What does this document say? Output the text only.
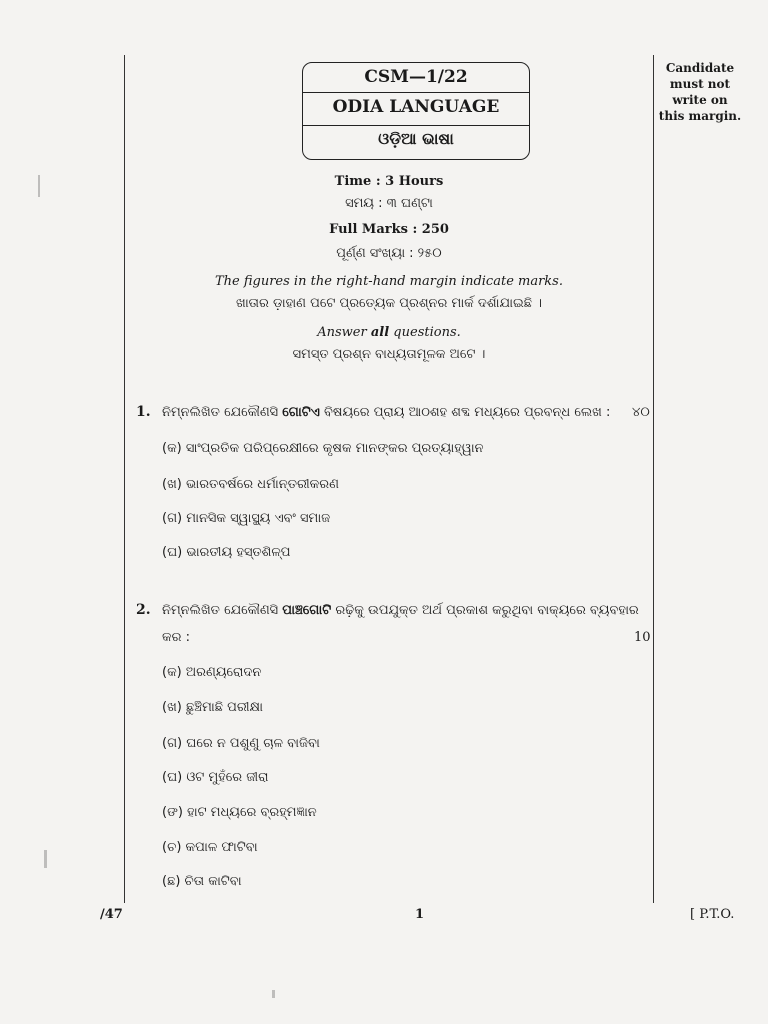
Candidate
must not
write on
this margin.
CSM—1/22
ODIA LANGUAGE
ଓଡ଼ିଆ ଭାଷା
Time : 3 Hours
ସମୟ : ୩ ଘଣ୍ଟା
Full Marks : 250
ପୂର୍ଣ୍ଣ ସଂଖ୍ୟା : ୨୫୦
The figures in the right-hand margin indicate marks.
ଖାତାର ଡ଼ାହାଣ ପଟେ ପ୍ରତ୍ୟେକ ପ୍ରଶ୍ନର ମାର୍କ ଦର୍ଶାଯାଇଛି ।
Answer all questions.
ସମସ୍ତ ପ୍ରଶ୍ନ ବାଧ୍ୟତାମୂଳକ ଅଟେ ।
1. ନିମ୍ନଲିଖିତ ଯେକୌଣସି ଗୋଟିଏ ବିଷୟରେ ପ୍ରାୟ ଆଠଶହ ଶବ୍ଦ ମଧ୍ୟରେ ପ୍ରବନ୍ଧ ଲେଖ : ୪୦
(କ) ସାଂପ୍ରତିକ ପରିପ୍ରେକ୍ଷୀରେ କୃଷକ ମାନଙ୍କର ପ୍ରତ୍ୟାହ୍ୱାନ
(ଖ) ଭାରତବର୍ଷରେ ଧର୍ମାନ୍ତରୀକରଣ
(ଗ) ମାନସିକ ସ୍ୱାସ୍ଥ୍ୟ ଏବଂ ସମାଜ
(ଘ) ଭାରତୀୟ ହସ୍ତଶିଳ୍ପ
2. ନିମ୍ନଲିଖିତ ଯେକୌଣସି ପାଞ୍ଚଗୋଟି ରଢ଼ିକୁ ଉପଯୁକ୍ତ ଅର୍ଥ ପ୍ରକାଶ କରୁଥିବା ବାକ୍ୟରେ ବ୍ୟବହାର
କର :	10
(କ) ଅରଣ୍ୟରୋଦନ
(ଖ) ଛୁଞ୍ଚିମାଛି ପରୀକ୍ଷା
(ଗ) ଘରେ ନ ପଶୁଣୁ ଚାଳ ବାଜିବା
(ଘ) ଓଟ ମୁହଁରେ ଜୀରା
(ଙ) ହାଟ ମଧ୍ୟରେ ବ୍ରହ୍ମଜ୍ଞାନ
(ଚ) କପାଳ ଫାଟିବା
(ଛ) ଚିତା କାଟିବା
/47	1	[ P.T.O.
